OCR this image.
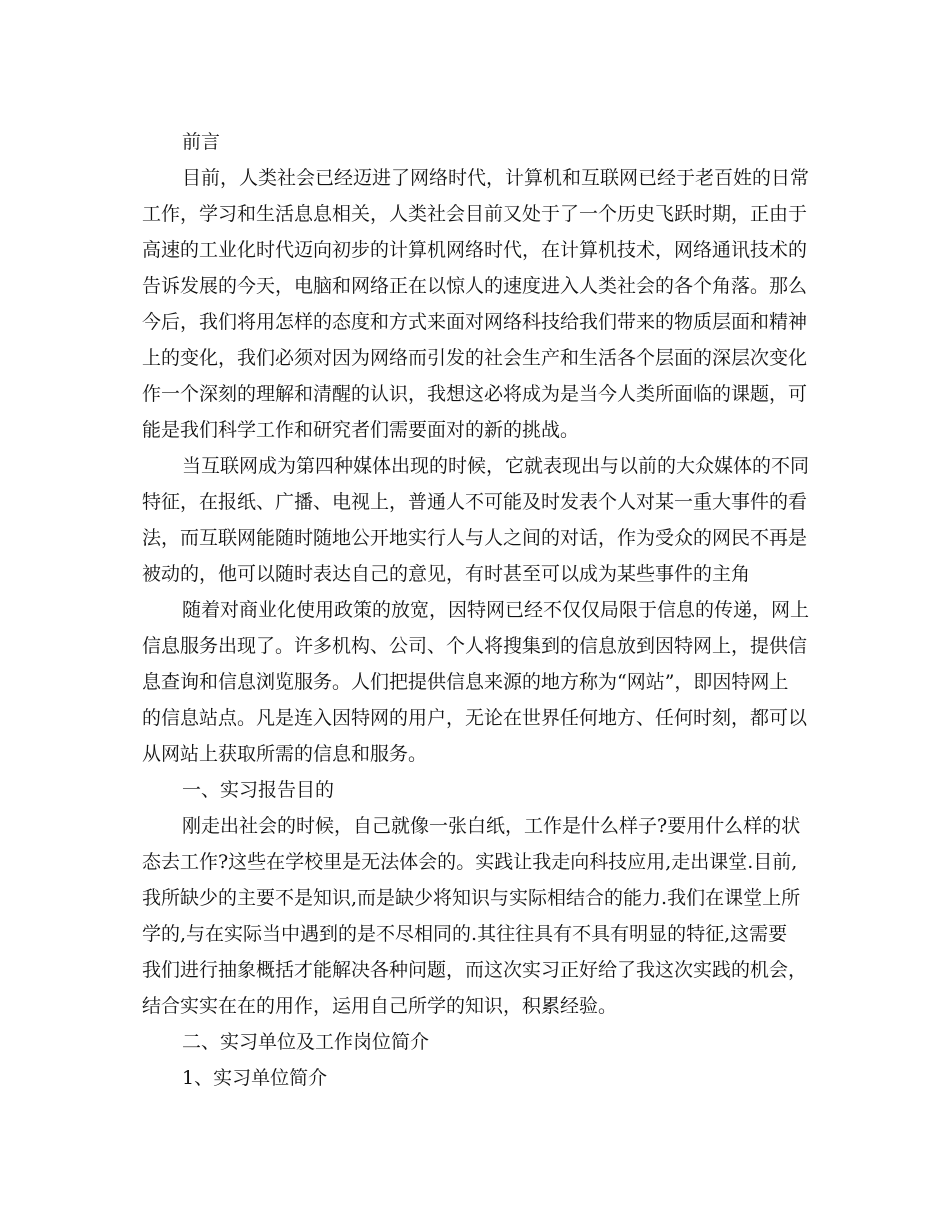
前言

目前，人类社会已经迈进了网络时代，计算机和互联网已经于老百姓的日常
工作，学习和生活息息相关，人类社会目前又处于了一个历史飞跃时期，正由于
高速的工业化时代迈向初步的计算机网络时代，在计算机技术，网络通讯技术的
告诉发展的今天，电脑和网络正在以惊人的速度进入人类社会的各个角落。那么
今后，我们将用怎样的态度和方式来面对网络科技给我们带来的物质层面和精神
上的变化，我们必须对因为网络而引发的社会生产和生活各个层面的深层次变化
作一个深刻的理解和清醒的认识，我想这必将成为是当今人类所面临的课题，可
能是我们科学工作和研究者们需要面对的新的挑战。

当互联网成为第四种媒体出现的时候，它就表现出与以前的大众媒体的不同
特征，在报纸、广播、电视上，普通人不可能及时发表个人对某一重大事件的看
法，而互联网能随时随地公开地实行人与人之间的对话，作为受众的网民不再是
被动的，他可以随时表达自己的意见，有时甚至可以成为某些事件的主角

随着对商业化使用政策的放宽，因特网已经不仅仅局限于信息的传递，网上
信息服务出现了。许多机构、公司、个人将搜集到的信息放到因特网上，提供信
息查询和信息浏览服务。人们把提供信息来源的地方称为“网站”，即因特网上
的信息站点。凡是连入因特网的用户，无论在世界任何地方、任何时刻，都可以
从网站上获取所需的信息和服务。

一、实习报告目的

刚走出社会的时候，自己就像一张白纸，工作是什么样子?要用什么样的状
态去工作?这些在学校里是无法体会的。实践让我走向科技应用,走出课堂.目前,
我所缺少的主要不是知识,而是缺少将知识与实际相结合的能力.我们在课堂上所
学的,与在实际当中遇到的是不尽相同的.其往往具有不具有明显的特征,这需要
我们进行抽象概括才能解决各种问题，而这次实习正好给了我这次实践的机会，
结合实实在在的用作，运用自己所学的知识，积累经验。

二、实习单位及工作岗位简介

1、实习单位简介
